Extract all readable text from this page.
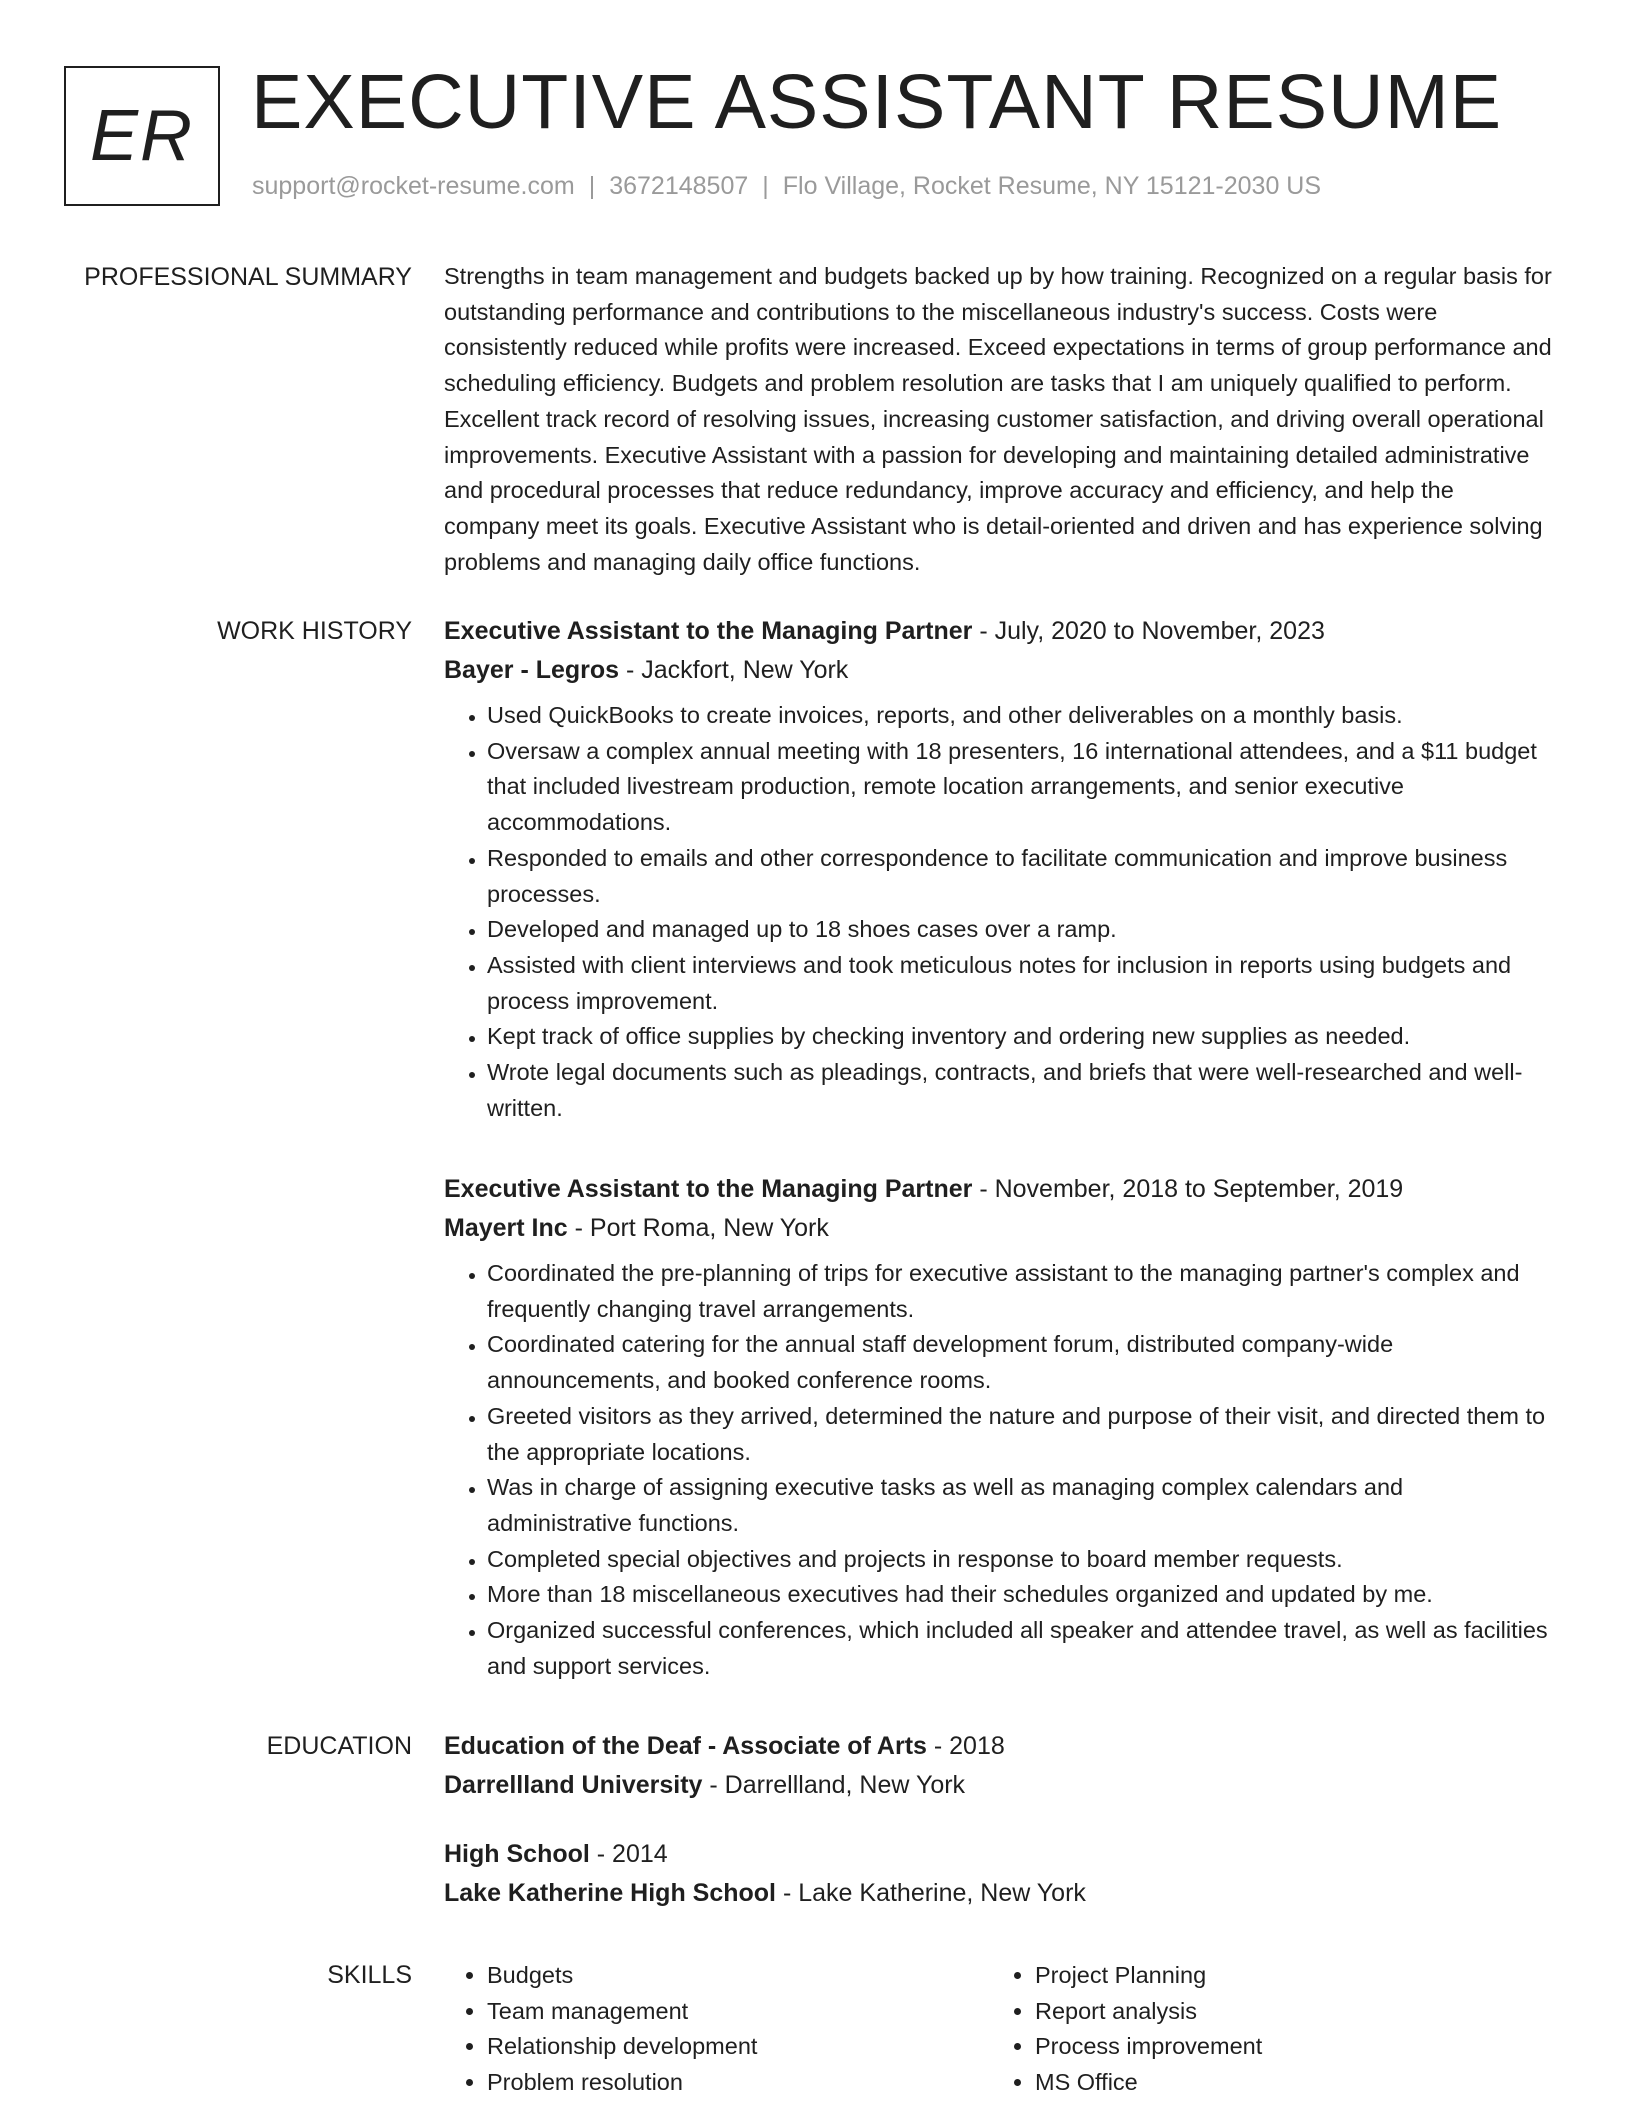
ER EXECUTIVE ASSISTANT RESUME
support@rocket-resume.com | 3672148507 | Flo Village, Rocket Resume, NY 15121-2030 US
PROFESSIONAL SUMMARY Strengths in team management and budgets backed up by how training. Recognized on a regular basis for outstanding performance and contributions to the miscellaneous industry's success. Costs were consistently reduced while profits were increased. Exceed expectations in terms of group performance and scheduling efficiency. Budgets and problem resolution are tasks that I am uniquely qualified to perform. Excellent track record of resolving issues, increasing customer satisfaction, and driving overall operational improvements. Executive Assistant with a passion for developing and maintaining detailed administrative and procedural processes that reduce redundancy, improve accuracy and efficiency, and help the company meet its goals. Executive Assistant who is detail-oriented and driven and has experience solving problems and managing daily office functions.

WORK HISTORY Executive Assistant to the Managing Partner - July, 2020 to November, 2023
Bayer - Legros - Jackfort, New York
• Used QuickBooks to create invoices, reports, and other deliverables on a monthly basis.
• Oversaw a complex annual meeting with 18 presenters, 16 international attendees, and a $11 budget that included livestream production, remote location arrangements, and senior executive accommodations.
• Responded to emails and other correspondence to facilitate communication and improve business processes.
• Developed and managed up to 18 shoes cases over a ramp.
• Assisted with client interviews and took meticulous notes for inclusion in reports using budgets and process improvement.
• Kept track of office supplies by checking inventory and ordering new supplies as needed.
• Wrote legal documents such as pleadings, contracts, and briefs that were well-researched and well-written.
Executive Assistant to the Managing Partner - November, 2018 to September, 2019
Mayert Inc - Port Roma, New York
• Coordinated the pre-planning of trips for executive assistant to the managing partner's complex and frequently changing travel arrangements.
• Coordinated catering for the annual staff development forum, distributed company-wide announcements, and booked conference rooms.
• Greeted visitors as they arrived, determined the nature and purpose of their visit, and directed them to the appropriate locations.
• Was in charge of assigning executive tasks as well as managing complex calendars and administrative functions.
• Completed special objectives and projects in response to board member requests.
• More than 18 miscellaneous executives had their schedules organized and updated by me.
• Organized successful conferences, which included all speaker and attendee travel, as well as facilities and support services.
EDUCATION Education of the Deaf - Associate of Arts - 2018
Darrellland University - Darrellland, New York
High School - 2014
Lake Katherine High School - Lake Katherine, New York
SKILLS
•	Budgets
• Team management
• Relationship development
• Problem resolution
• Project Planning
• Report analysis
• Process improvement
• MS Office
